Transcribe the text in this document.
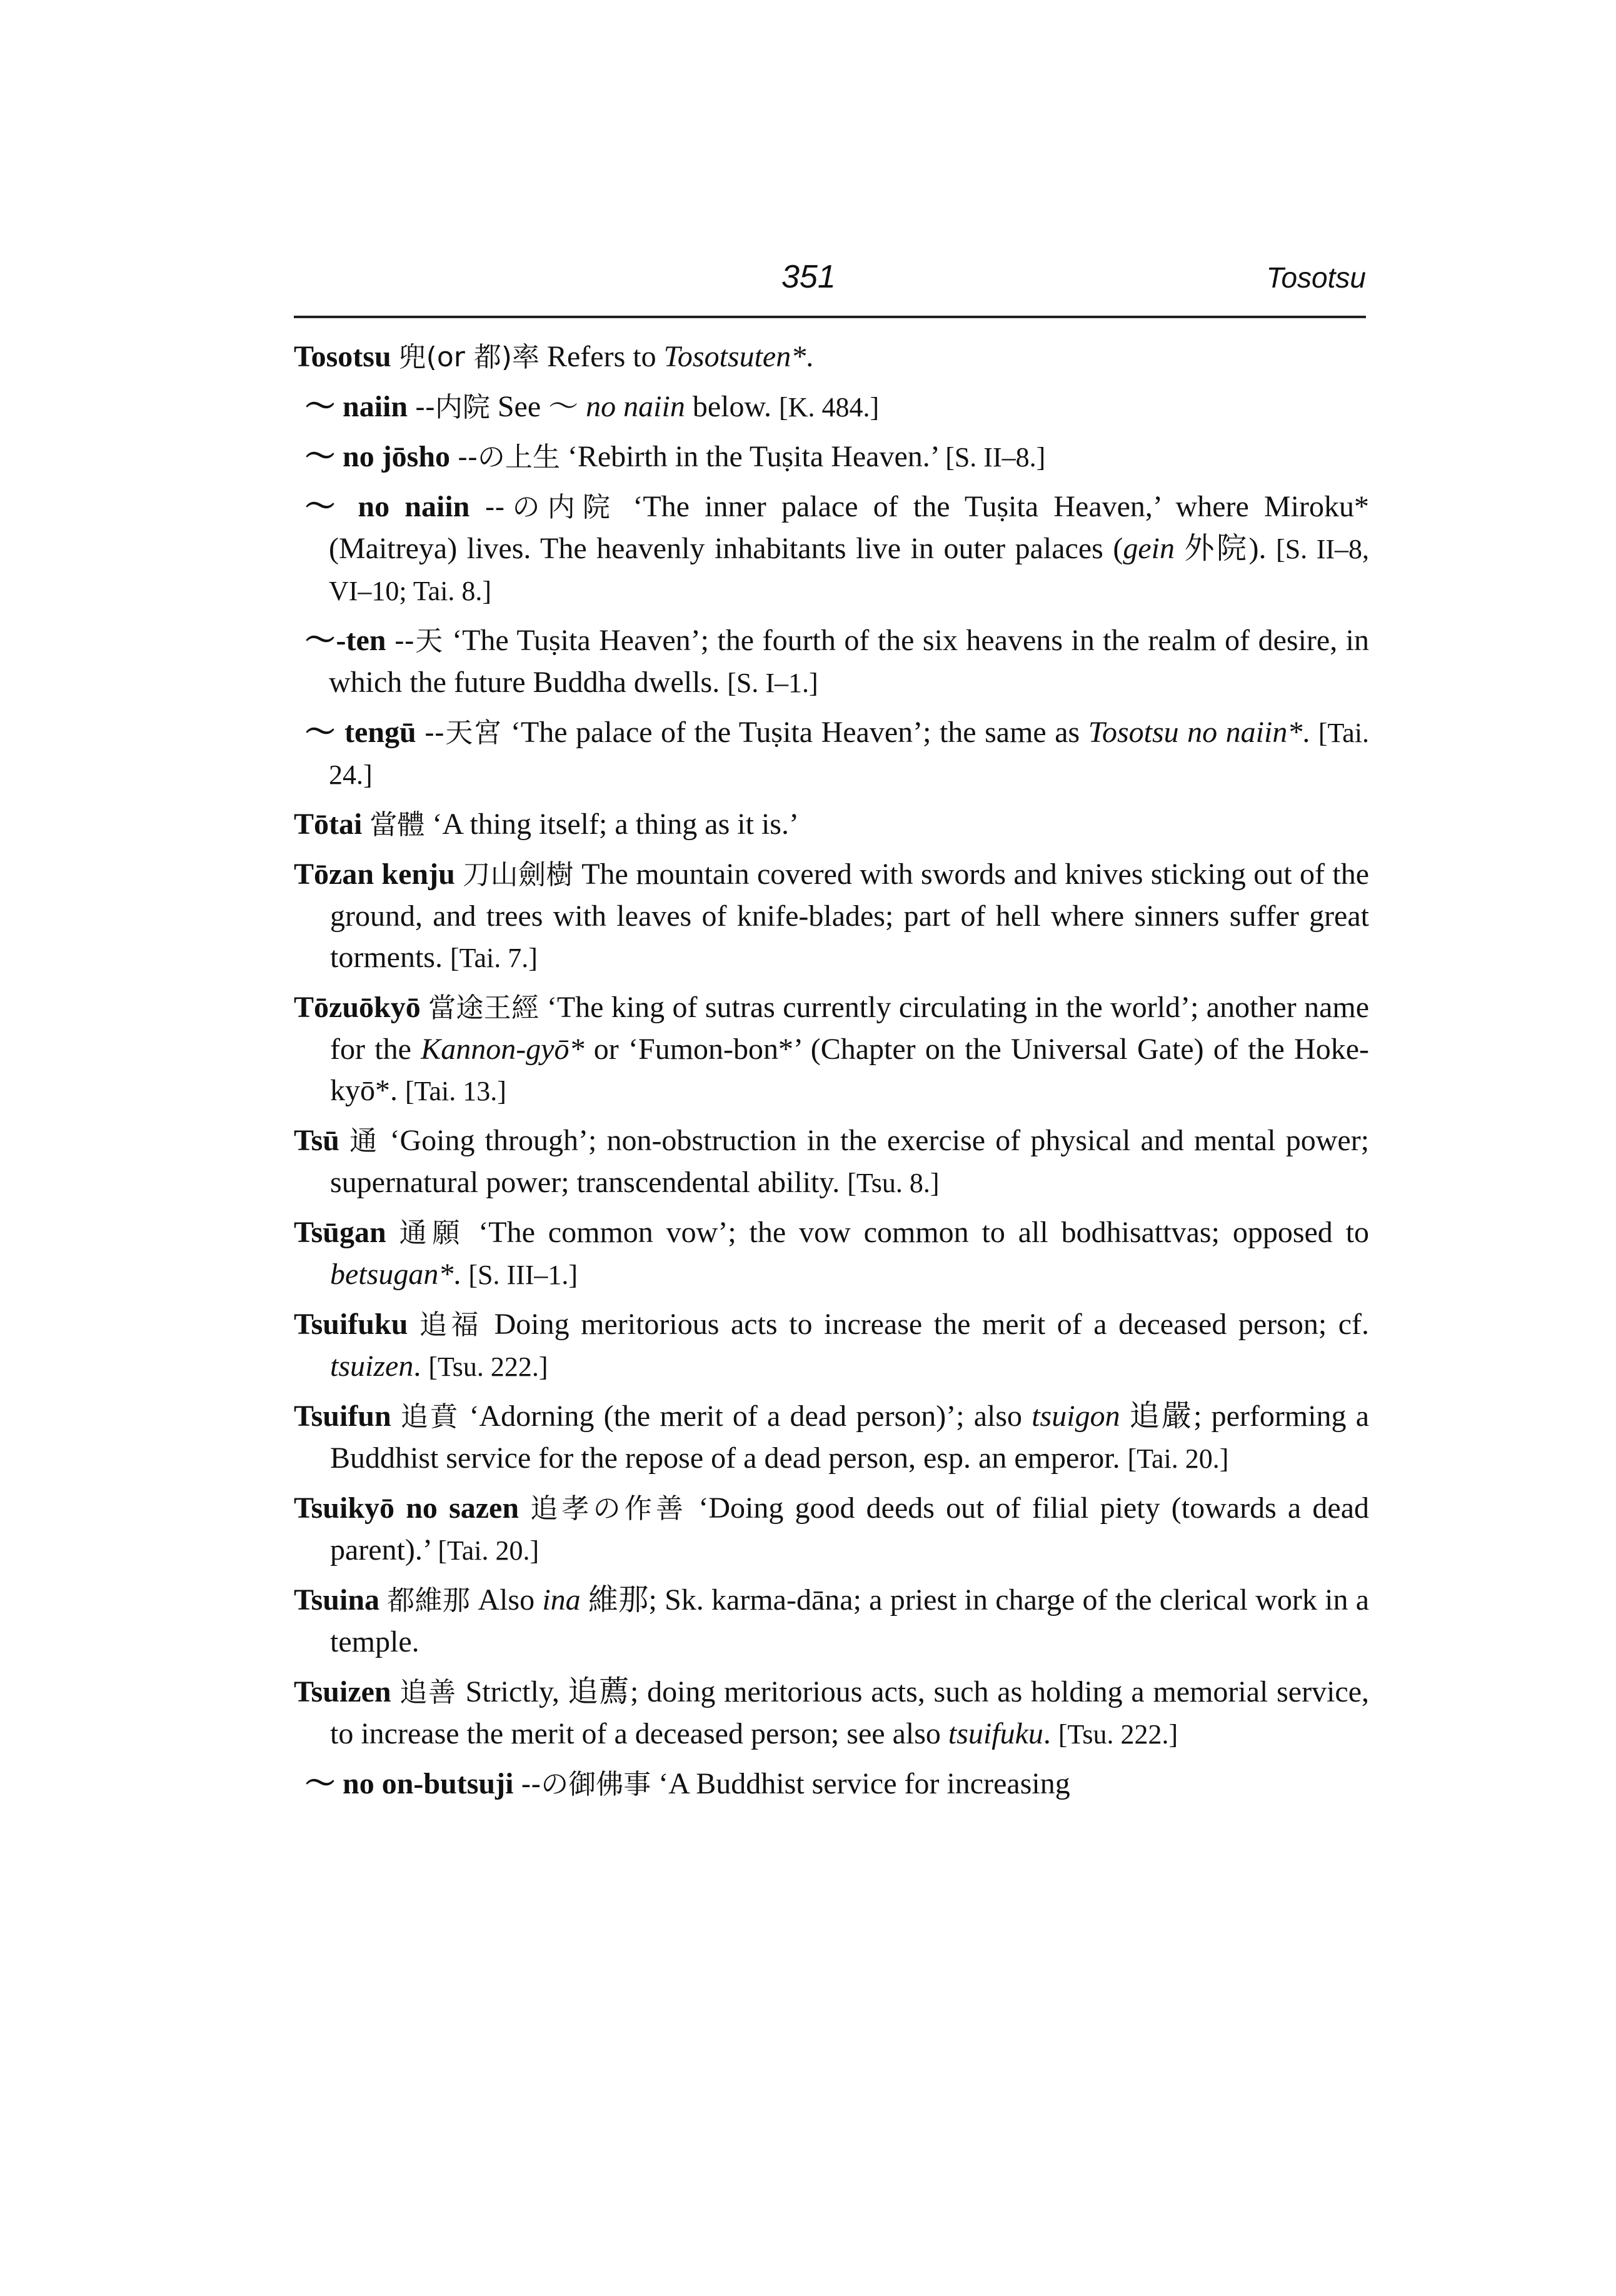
351	Tosotsu

Tosotsu 兜(or 都)率 Refers to Tosotsuten*.

～ naiin --内院 See ～ no naiin below. [K. 484.]

～ no jōsho --の上生 ‘Rebirth in the Tuṣita Heaven.’ [S. II–8.]

～ no naiin --の内院 ‘The inner palace of the Tuṣita Heaven,’ where Miroku* (Maitreya) lives. The heavenly inhabitants live in outer palaces (gein 外院). [S. II–8, VI–10; Tai. 8.]

～-ten --天 ‘The Tuṣita Heaven’; the fourth of the six heavens in the realm of desire, in which the future Buddha dwells. [S. I–1.]

～ tengū --天宮 ‘The palace of the Tuṣita Heaven’; the same as Tosotsu no naiin*. [Tai. 24.]

Tōtai 當體 ‘A thing itself; a thing as it is.’

Tōzan kenju 刀山劍樹 The mountain covered with swords and knives sticking out of the ground, and trees with leaves of knife-blades; part of hell where sinners suffer great torments. [Tai. 7.]

Tōzuōkyō 當途王經 ‘The king of sutras currently circulating in the world’; another name for the Kannon-gyō* or ‘Fumon-bon*’ (Chapter on the Universal Gate) of the Hoke-kyō*. [Tai. 13.]

Tsū 通 ‘Going through’; non-obstruction in the exercise of physical and mental power; supernatural power; transcendental ability. [Tsu. 8.]

Tsūgan 通願 ‘The common vow’; the vow common to all bodhisattvas; opposed to betsugan*. [S. III–1.]

Tsuifuku 追福 Doing meritorious acts to increase the merit of a deceased person; cf. tsuizen. [Tsu. 222.]

Tsuifun 追賁 ‘Adorning (the merit of a dead person)’; also tsuigon 追嚴; performing a Buddhist service for the repose of a dead person, esp. an emperor. [Tai. 20.]

Tsuikyō no sazen 追孝の作善 ‘Doing good deeds out of filial piety (towards a dead parent).’ [Tai. 20.]

Tsuina 都維那 Also ina 維那; Sk. karma-dāna; a priest in charge of the clerical work in a temple.

Tsuizen 追善 Strictly, 追薦; doing meritorious acts, such as holding a memorial service, to increase the merit of a deceased person; see also tsuifuku. [Tsu. 222.]

～ no on-butsuji --の御佛事 ‘A Buddhist service for increasing
